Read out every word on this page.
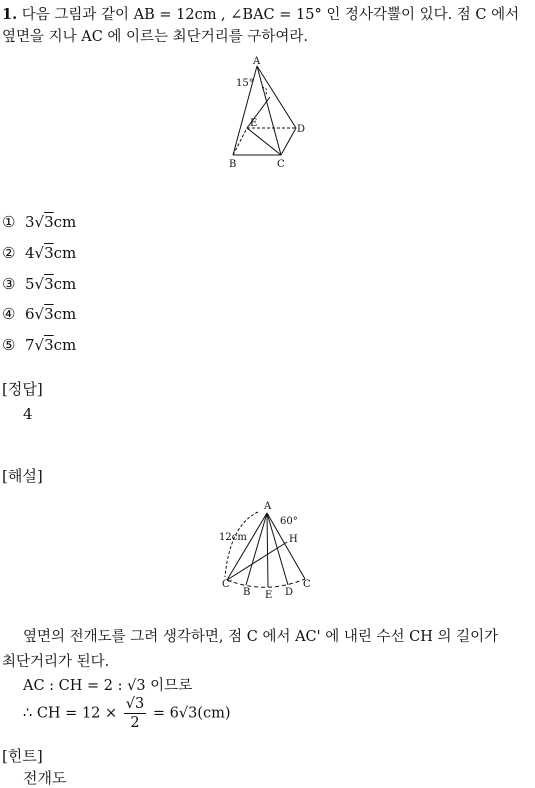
1. 다음 그림과 같이 AB = 12cm , ∠BAC = 15° 인 정사각뿔이 있다. 점 C 에서
옆면을 지나 AC 에 이르는 최단거리를 구하여라.
A
15°
E
D
B	C
① 3√3cm
② 4√3cm
③ 5√3cm
④ 6√3cm
⑤ 7√3cm
[정답]
4
[해설]
A
60°
12cm	H
C'
B E D
C
옆면의 전개도를 그려 생각하면, 점 C 에서 AC' 에 내린 수선 CH 의 길이가
최단거리가 된다.
AC : CH = 2 : √3 이므로
∴ CH = $12 \times \frac{√3}{2} = 6√3(cm)$
[힌트]
전개도
